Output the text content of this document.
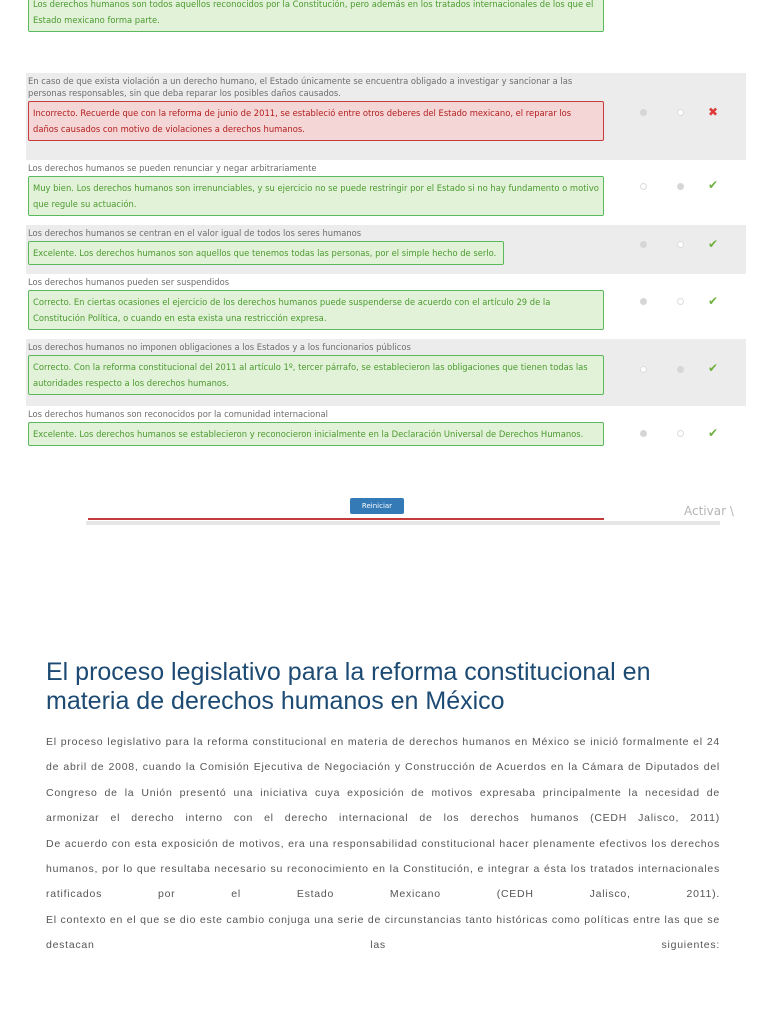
Los derechos humanos son todos aquellos reconocidos por la Constitución, pero además en los tratados internacionales de los que el Estado mexicano forma parte.
En caso de que exista violación a un derecho humano, el Estado únicamente se encuentra obligado a investigar y sancionar a las personas responsables, sin que deba reparar los posibles daños causados.
Incorrecto. Recuerde que con la reforma de junio de 2011, se estableció entre otros deberes del Estado mexicano, el reparar los daños causados con motivo de violaciones a derechos humanos.
✖
Los derechos humanos se pueden renunciar y negar arbitrariamente
Muy bien. Los derechos humanos son irrenunciables, y su ejercicio no se puede restringir por el Estado si no hay fundamento o motivo que regule su actuación.
✔
Los derechos humanos se centran en el valor igual de todos los seres humanos
Excelente. Los derechos humanos son aquellos que tenemos todas las personas, por el simple hecho de serlo.
✔
Los derechos humanos pueden ser suspendidos
Correcto. En ciertas ocasiones el ejercicio de los derechos humanos puede suspenderse de acuerdo con el artículo 29 de la Constitución Política, o cuando en esta exista una restricción expresa.
✔
Los derechos humanos no imponen obligaciones a los Estados y a los funcionarios públicos
Correcto. Con la reforma constitucional del 2011 al artículo 1º, tercer párrafo, se establecieron las obligaciones que tienen todas las autoridades respecto a los derechos humanos.
✔
Los derechos humanos son reconocidos por la comunidad internacional
Excelente. Los derechos humanos se establecieron y reconocieron inicialmente en la Declaración Universal de Derechos Humanos.	✔
Reiniciar	Activar \
El proceso legislativo para la reforma constitucional en materia de derechos humanos en México

El proceso legislativo para la reforma constitucional en materia de derechos humanos en México se inició formalmente el 24 de abril de 2008, cuando la Comisión Ejecutiva de Negociación y Construcción de Acuerdos en la Cámara de Diputados del Congreso de la Unión presentó una iniciativa cuya exposición de motivos expresaba principalmente la necesidad de armonizar el derecho interno con el derecho internacional de los derechos humanos (CEDH Jalisco, 2011)

De acuerdo con esta exposición de motivos, era una responsabilidad constitucional hacer plenamente efectivos los derechos humanos, por lo que resultaba necesario su reconocimiento en la Constitución, e integrar a ésta los tratados internacionales ratificados por el Estado Mexicano (CEDH Jalisco, 2011).

El contexto en el que se dio este cambio conjuga una serie de circunstancias tanto históricas como políticas entre las que se destacan las siguientes:
